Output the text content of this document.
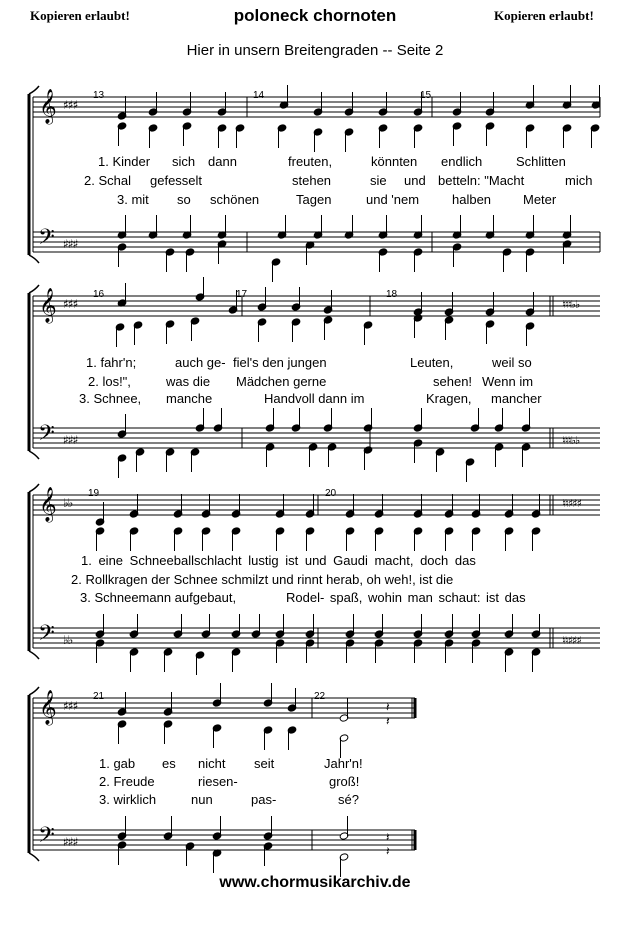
Kopieren erlaubt!	poloneck chornoten	Kopieren erlaubt!
Hier in unsern Breitengraden -- Seite 2
𝄞
𝄢
𝄞
𝄢
𝄞
𝄢
𝄞
𝄢
♯♯♯
♯♯♯
♯♯♯
♯♯♯
♮♮♮♭♭
♮♮♮♭♭
♭♭
♭♭
♮♮♯♯♯
♮♮♯♯♯
♯♯♯
♯♯♯
𝄽
𝄽
𝄽
𝄽
13	14	15
16	17	18
19	20
21	22
1. Kinder sich dann	freuten,	könnten endlich	Schlitten
2. Schal gefesselt	stehen	sie und betteln: "Macht	mich
3. mit so schönen	Tagen	und 'nem	halben Meter
1. fahr'n;	auch ge- fiel's den jungen	Leuten,	weil so
2. los!",	was die Mädchen gerne	sehen! Wenn im
3. Schnee, manche	Handvoll dann im	Kragen, mancher
1. eine Schneeballschlacht lustig ist und Gaudi macht, doch das
2. Rollkragen der Schnee schmilzt und rinnt herab, oh weh!, ist die
3. Schneemann aufgebaut,	Rodel- spaß, wohin man schaut: ist das
1. gab es nicht seit	Jahr'n!
2. Freude	riesen-	groß!
3. wirklich	nun	pas-	sé?
www.chormusikarchiv.de
